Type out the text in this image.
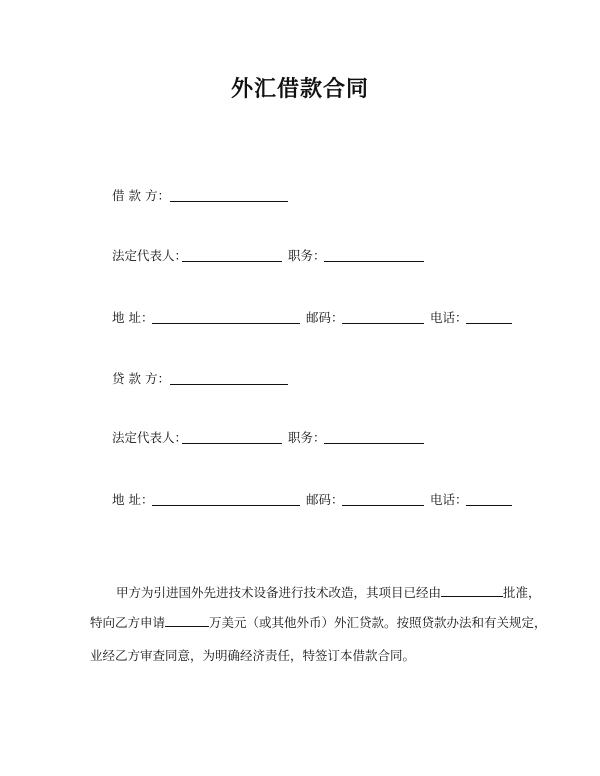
外汇借款合同
借 款 方：
法定代表人：	职务：
地 址：	邮码：	电话：
贷 款 方：
法定代表人：	职务：
地 址：	邮码：	电话：
甲方为引进国外先进技术设备进行技术改造，其项目已经由	批准，
特向乙方申请	万美元（或其他外币）外汇贷款。按照贷款办法和有关规定，
业经乙方审查同意，为明确经济责任，特签订本借款合同。
